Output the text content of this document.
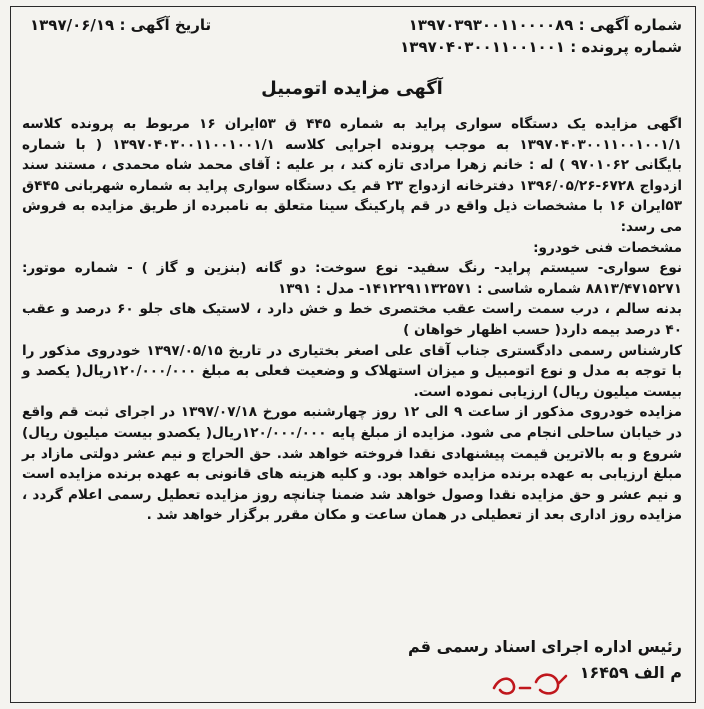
شماره آگهی : ۱۳۹۷۰۳۹۳۰۰۱۱۰۰۰۰۸۹
تاریخ آگهی : ۱۳۹۷/۰۶/۱۹
شماره پرونده : ۱۳۹۷۰۴۰۳۰۰۱۱۰۰۱۰۰۱
آگهی مزایده اتومبیل

اگهی مزایده یک دستگاه سواری پراید به شماره ۴۴۵ ق ۵۳ایران ۱۶ مربوط به پرونده کلاسه ۱۳۹۷۰۴۰۳۰۰۱۱۰۰۱۰۰۱/۱ به موجب پرونده اجرایی کلاسه ۱۳۹۷۰۴۰۳۰۰۱۱۰۰۱۰۰۱/۱ ( با شماره بایگانی ۹۷۰۱۰۶۲ ) له : خانم زهرا مرادی تازه کند ، بر علیه : آقای محمد شاه محمدی ، مستند سند ازدواج ۶۷۲۸-۱۳۹۶/۰۵/۲۶ دفترخانه ازدواج ۲۳ قم یک دستگاه سواری پراید به شماره شهربانی ۴۴۵ق ۵۳ایران ۱۶ با مشخصات ذیل واقع در قم پارکینگ سینا متعلق به نامبرده از طریق مزایده به فروش می رسد:

مشخصات فنی خودرو:

نوع سواری- سیستم پراید- رنگ سفید- نوع سوخت: دو گانه (بنزین و گاز ) - شماره موتور: ۸۸۱۳/۴۷۱۵۲۷۱ شماره شاسی : ۱۴۱۲۲۹۱۱۳۲۵۷۱- مدل : ۱۳۹۱

بدنه سالم ، درب سمت راست عقب مختصری خط و خش دارد ، لاستیک های جلو ۶۰ درصد و عقب ۴۰ درصد بیمه دارد( حسب اظهار خواهان )

کارشناس رسمی دادگستری جناب آقای علی اصغر بختیاری در تاریخ ۱۳۹۷/۰۵/۱۵ خودروی مذکور را با توجه به مدل و نوع اتومبیل و میزان استهلاک و وضعیت فعلی به مبلغ ۱۲۰/۰۰۰/۰۰۰ریال( یکصد و بیست میلیون ریال) ارزیابی نموده است.

مزایده خودروی مذکور از ساعت ۹ الی ۱۲ روز چهارشنبه مورخ ۱۳۹۷/۰۷/۱۸ در اجرای ثبت قم واقع در خیابان ساحلی انجام می شود. مزایده از مبلغ پایه ۱۲۰/۰۰۰/۰۰۰ریال( یکصدو بیست میلیون ریال) شروع و به بالاترین قیمت پیشنهادی نقدا فروخته خواهد شد. حق الحراج و نیم عشر دولتی مازاد بر مبلغ ارزیابی به عهده برنده مزایده خواهد بود. و کلیه هزینه های قانونی به عهده برنده مزایده است و نیم عشر و حق مزایده نقدا وصول خواهد شد ضمنا چنانچه روز مزایده تعطیل رسمی اعلام گردد ، مزایده روز اداری بعد از تعطیلی در همان ساعت و مکان مقرر برگزار خواهد شد .

رئیس اداره اجرای اسناد رسمی قم
م الف ۱۶۴۵۹
